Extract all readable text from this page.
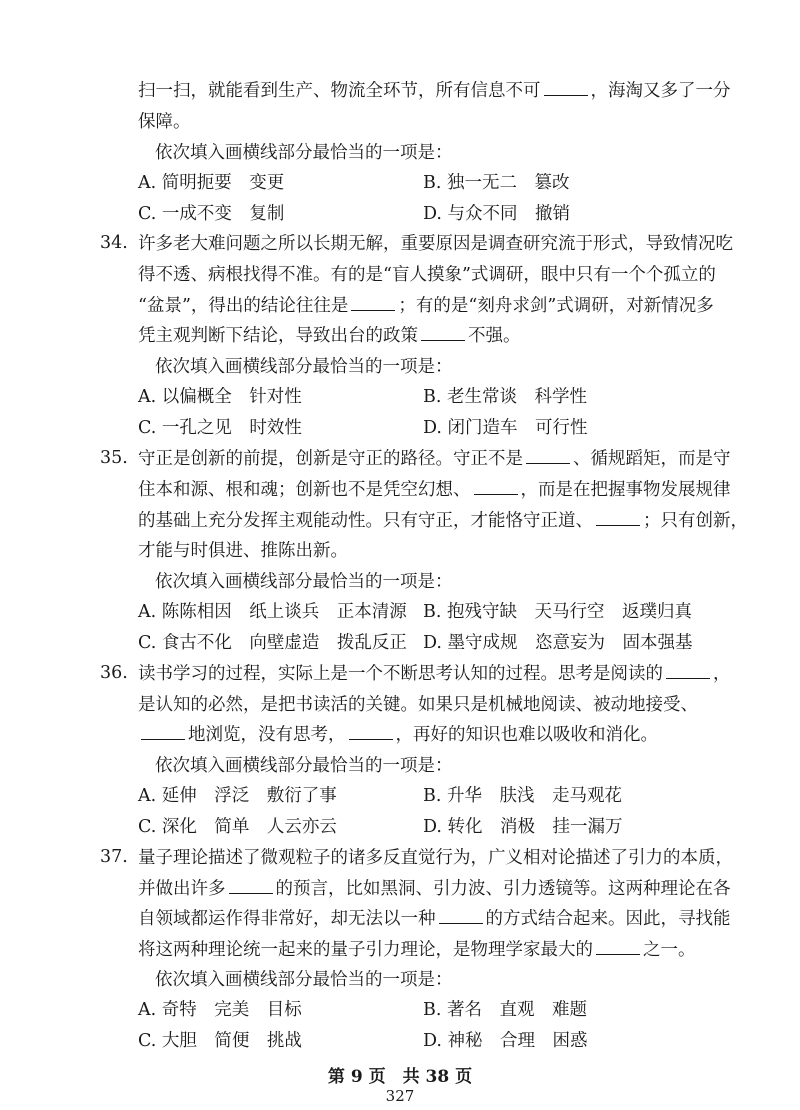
扫一扫，就能看到生产、物流全环节，所有信息不可	，海淘又多了一分
保障。
依次填入画横线部分最恰当的一项是：
A. 简明扼要　变更	B. 独一无二　篡改
C. 一成不变　复制	D. 与众不同　撤销
34. 许多老大难问题之所以长期无解，重要原因是调查研究流于形式，导致情况吃
得不透、病根找得不准。有的是“盲人摸象”式调研，眼中只有一个个孤立的
“盆景”，得出的结论往往是	；有的是“刻舟求剑”式调研，对新情况多
凭主观判断下结论，导致出台的政策	不强。
依次填入画横线部分最恰当的一项是：
A. 以偏概全　针对性	B. 老生常谈　科学性
C. 一孔之见　时效性	D. 闭门造车　可行性
35. 守正是创新的前提，创新是守正的路径。守正不是	、循规蹈矩，而是守
住本和源、根和魂；创新也不是凭空幻想、	，而是在把握事物发展规律
的基础上充分发挥主观能动性。只有守正，才能恪守正道、	；只有创新，
才能与时俱进、推陈出新。
依次填入画横线部分最恰当的一项是：
A. 陈陈相因　纸上谈兵　正本清源 B. 抱残守缺　天马行空　返璞归真
C. 食古不化　向壁虚造　拨乱反正 D. 墨守成规　恣意妄为　固本强基
36. 读书学习的过程，实际上是一个不断思考认知的过程。思考是阅读的	，
是认知的必然，是把书读活的关键。如果只是机械地阅读、被动地接受、
地浏览，没有思考，	，再好的知识也难以吸收和消化。
依次填入画横线部分最恰当的一项是：
A. 延伸　浮泛　敷衍了事	B. 升华　肤浅　走马观花
C. 深化　简单　人云亦云	D. 转化　消极　挂一漏万
37. 量子理论描述了微观粒子的诸多反直觉行为，广义相对论描述了引力的本质，
并做出许多	的预言，比如黑洞、引力波、引力透镜等。这两种理论在各
自领域都运作得非常好，却无法以一种	的方式结合起来。因此，寻找能
将这两种理论统一起来的量子引力理论，是物理学家最大的	之一。
依次填入画横线部分最恰当的一项是：
A. 奇特　完美　目标	B. 著名　直观　难题
C. 大胆　简便　挑战	D. 神秘　合理　困惑
第 9 页　共 38 页
327
